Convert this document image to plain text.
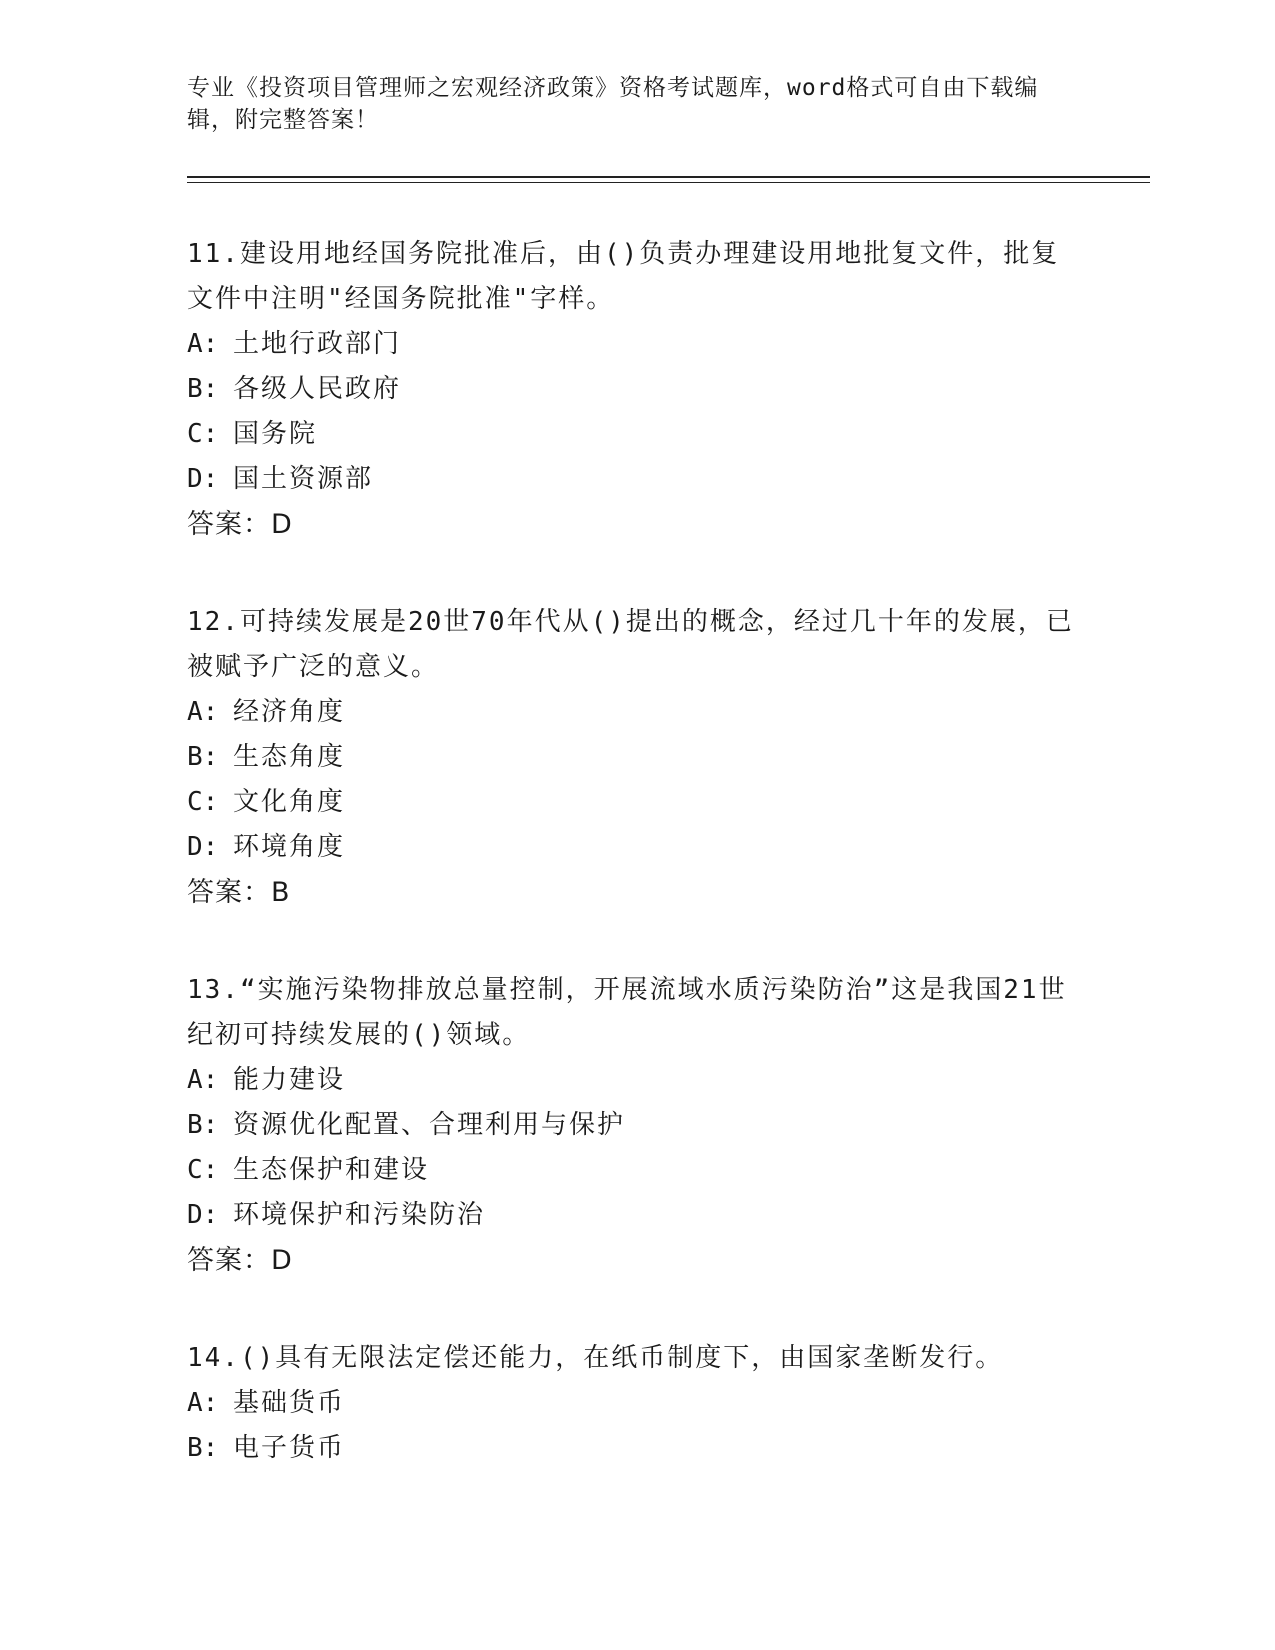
专业《投资项目管理师之宏观经济政策》资格考试题库，word格式可自由下载编辑，附完整答案！
11.建设用地经国务院批准后，由()负责办理建设用地批复文件，批复文件中注明"经国务院批准"字样。
A: 土地行政部门
B: 各级人民政府
C: 国务院
D: 国土资源部
答案：D
12.可持续发展是20世70年代从()提出的概念，经过几十年的发展，已被赋予广泛的意义。
A: 经济角度
B: 生态角度
C: 文化角度
D: 环境角度
答案：B
13.“实施污染物排放总量控制，开展流域水质污染防治”这是我国21世纪初可持续发展的()领域。
A: 能力建设
B: 资源优化配置、合理利用与保护
C: 生态保护和建设
D: 环境保护和污染防治
答案：D
14.()具有无限法定偿还能力，在纸币制度下，由国家垄断发行。
A: 基础货币
B: 电子货币
